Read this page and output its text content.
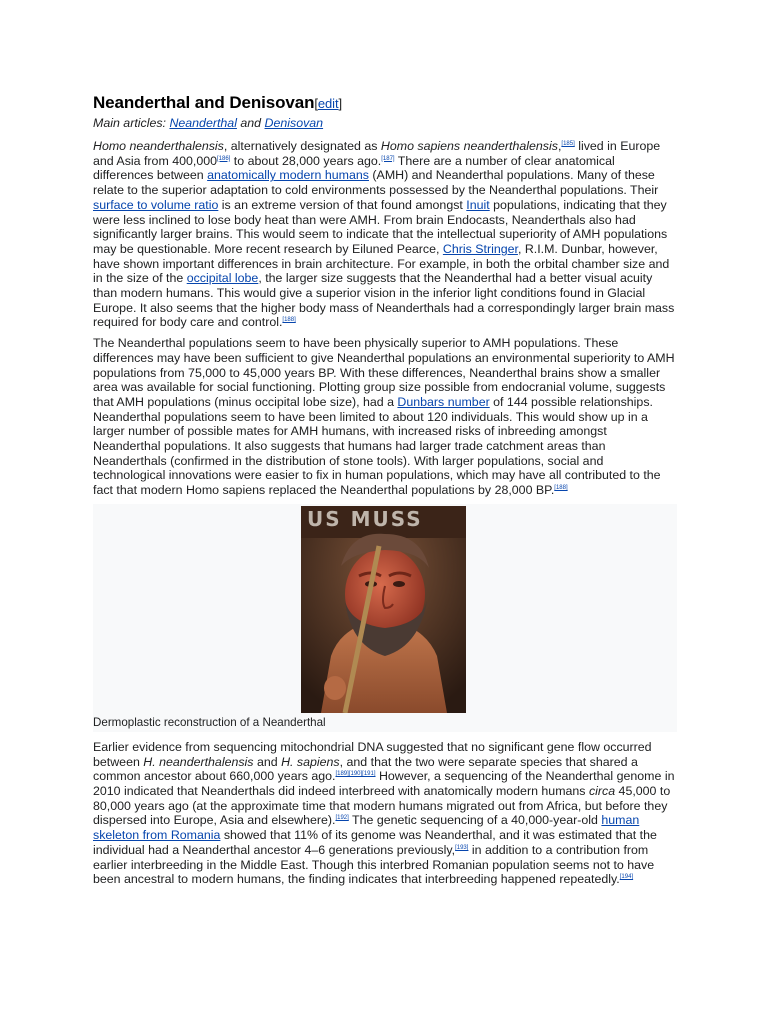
Neanderthal and Denisovan[edit]
Main articles: Neanderthal and Denisovan

Homo neanderthalensis, alternatively designated as Homo sapiens neanderthalensis,[185] lived in Europe and Asia from 400,000[186] to about 28,000 years ago.[187] There are a number of clear anatomical differences between anatomically modern humans (AMH) and Neanderthal populations. Many of these relate to the superior adaptation to cold environments possessed by the Neanderthal populations. Their surface to volume ratio is an extreme version of that found amongst Inuit populations, indicating that they were less inclined to lose body heat than were AMH. From brain Endocasts, Neanderthals also had significantly larger brains. This would seem to indicate that the intellectual superiority of AMH populations may be questionable. More recent research by Eiluned Pearce, Chris Stringer, R.I.M. Dunbar, however, have shown important differences in brain architecture. For example, in both the orbital chamber size and in the size of the occipital lobe, the larger size suggests that the Neanderthal had a better visual acuity than modern humans. This would give a superior vision in the inferior light conditions found in Glacial Europe. It also seems that the higher body mass of Neanderthals had a correspondingly larger brain mass required for body care and control.[188]

The Neanderthal populations seem to have been physically superior to AMH populations. These differences may have been sufficient to give Neanderthal populations an environmental superiority to AMH populations from 75,000 to 45,000 years BP. With these differences, Neanderthal brains show a smaller area was available for social functioning. Plotting group size possible from endocranial volume, suggests that AMH populations (minus occipital lobe size), had a Dunbars number of 144 possible relationships. Neanderthal populations seem to have been limited to about 120 individuals. This would show up in a larger number of possible mates for AMH humans, with increased risks of inbreeding amongst Neanderthal populations. It also suggests that humans had larger trade catchment areas than Neanderthals (confirmed in the distribution of stone tools). With larger populations, social and technological innovations were easier to fix in human populations, which may have all contributed to the fact that modern Homo sapiens replaced the Neanderthal populations by 28,000 BP.[188]

US MUSS
Dermoplastic reconstruction of a Neanderthal

Earlier evidence from sequencing mitochondrial DNA suggested that no significant gene flow occurred between H. neanderthalensis and H. sapiens, and that the two were separate species that shared a common ancestor about 660,000 years ago.[189][190][191] However, a sequencing of the Neanderthal genome in 2010 indicated that Neanderthals did indeed interbreed with anatomically modern humans circa 45,000 to 80,000 years ago (at the approximate time that modern humans migrated out from Africa, but before they dispersed into Europe, Asia and elsewhere).[192] The genetic sequencing of a 40,000-year-old human skeleton from Romania showed that 11% of its genome was Neanderthal, and it was estimated that the individual had a Neanderthal ancestor 4–6 generations previously,[193] in addition to a contribution from earlier interbreeding in the Middle East. Though this interbred Romanian population seems not to have been ancestral to modern humans, the finding indicates that interbreeding happened repeatedly.[194]
